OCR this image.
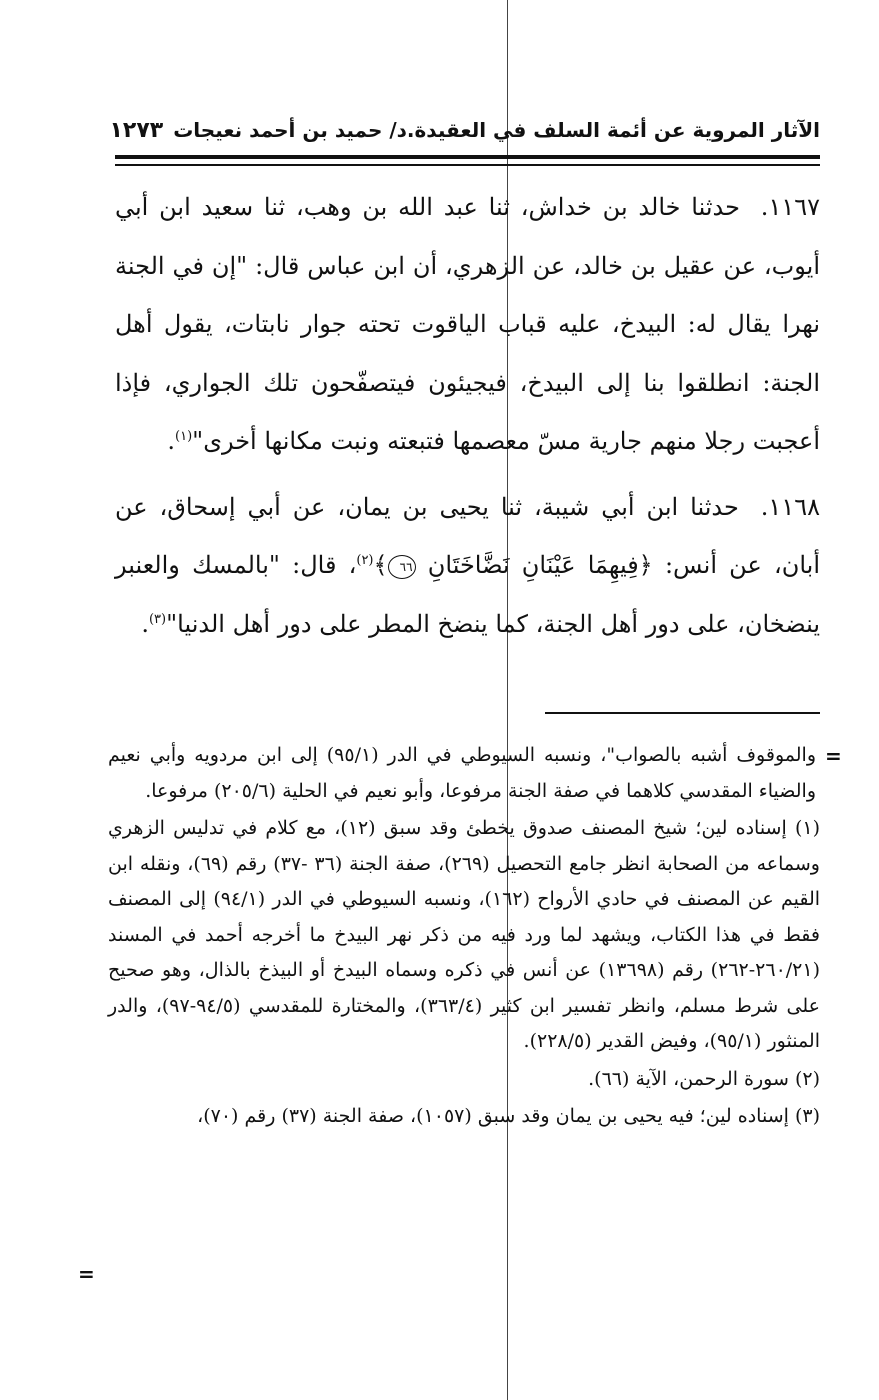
الآثار المروية عن أئمة السلف في العقيدة.د/ حميد بن أحمد نعيجات
١٢٧٣

١١٦٧. حدثنا خالد بن خداش، ثنا عبد الله بن وهب، ثنا سعيد ابن أبي أيوب، عن عقيل بن خالد، عن الزهري، أن ابن عباس قال: "إن في الجنة نهرا يقال له: البيدخ، عليه قباب الياقوت تحته جوار نابتات، يقول أهل الجنة: انطلقوا بنا إلى البيدخ، فيجيئون فيتصفّحون تلك الجواري، فإذا أعجبت رجلا منهم جارية مسّ معصمها فتبعته ونبت مكانها أخرى"$^{(١)}$.

١١٦٨. حدثنا ابن أبي شيبة، ثنا يحيى بن يمان، عن أبي إسحاق، عن أبان، عن أنس: ﴿فِيهِمَا عَيْنَانِ نَضَّاخَتَانِ ٦٦﴾$^{(٢)}$، قال: "بالمسك والعنبر ينضخان، على دور أهل الجنة، كما ينضخ المطر على دور أهل الدنيا"$^{(٣)}$.

=

والموقوف أشبه بالصواب"، ونسبه السيوطي في الدر (٩٥/١) إلى ابن مردويه وأبي نعيم والضياء المقدسي كلاهما في صفة الجنة مرفوعا، وأبو نعيم في الحلية (٢٠٥/٦) مرفوعا.

(١) إسناده لين؛ شيخ المصنف صدوق يخطئ وقد سبق (١٢)، مع كلام في تدليس الزهري وسماعه من الصحابة انظر جامع التحصيل (٢٦٩)، صفة الجنة (٣٦ -٣٧) رقم (٦٩)، ونقله ابن القيم عن المصنف في حادي الأرواح (١٦٢)، ونسبه السيوطي في الدر (٩٤/١) إلى المصنف فقط في هذا الكتاب، ويشهد لما ورد فيه من ذكر نهر البيدخ ما أخرجه أحمد في المسند (٢٦٠/٢١-٢٦٢) رقم (١٣٦٩٨) عن أنس في ذكره وسماه البيدخ أو البيذخ بالذال، وهو صحيح على شرط مسلم، وانظر تفسير ابن كثير (٣٦٣/٤)، والمختارة للمقدسي (٩٤/٥-٩٧)، والدر المنثور (٩٥/١)، وفيض القدير (٢٢٨/٥).

(٢) سورة الرحمن، الآية (٦٦).

(٣) إسناده لين؛ فيه يحيى بن يمان وقد سبق (١٠٥٧)، صفة الجنة (٣٧) رقم (٧٠)،

=
